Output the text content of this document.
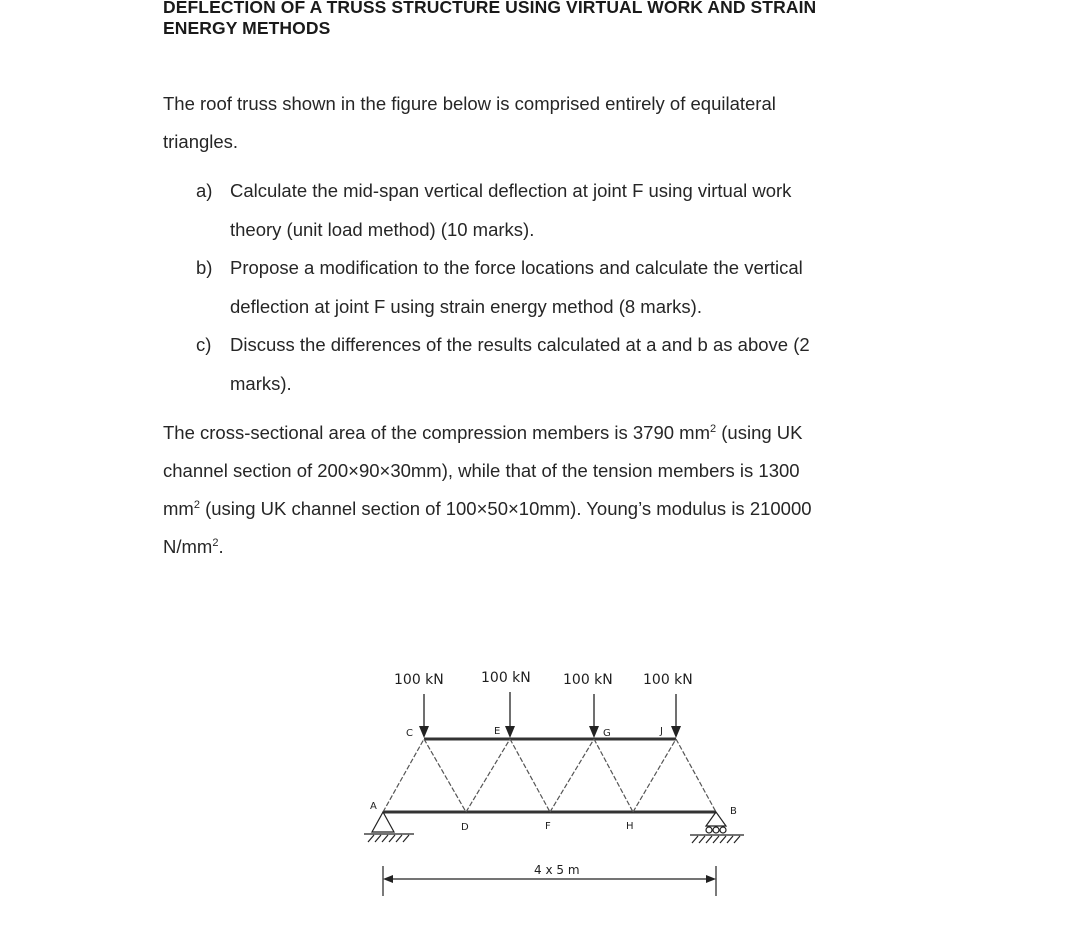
DEFLECTION OF A TRUSS STRUCTURE USING VIRTUAL WORK AND STRAIN
ENERGY METHODS
The roof truss shown in the figure below is comprised entirely of equilateral
triangles.
a) Calculate the mid-span vertical deflection at joint F using virtual work
theory (unit load method) (10 marks).
b) Propose a modification to the force locations and calculate the vertical
deflection at joint F using strain energy method (8 marks).
c) Discuss the differences of the results calculated at a and b as above (2
marks).
The cross-sectional area of the compression members is 3790 $mm^2$ (using UK
channel section of 200×90×30mm), while that of the tension members is 1300
$mm^2$ (using UK channel section of 100×50×10mm). Young’s modulus is 210000
$N/mm^2$.
100 kN	100 kN 100 kN 100 kN
C	E	G	J
A
D	F	H
B
4 x 5 m
